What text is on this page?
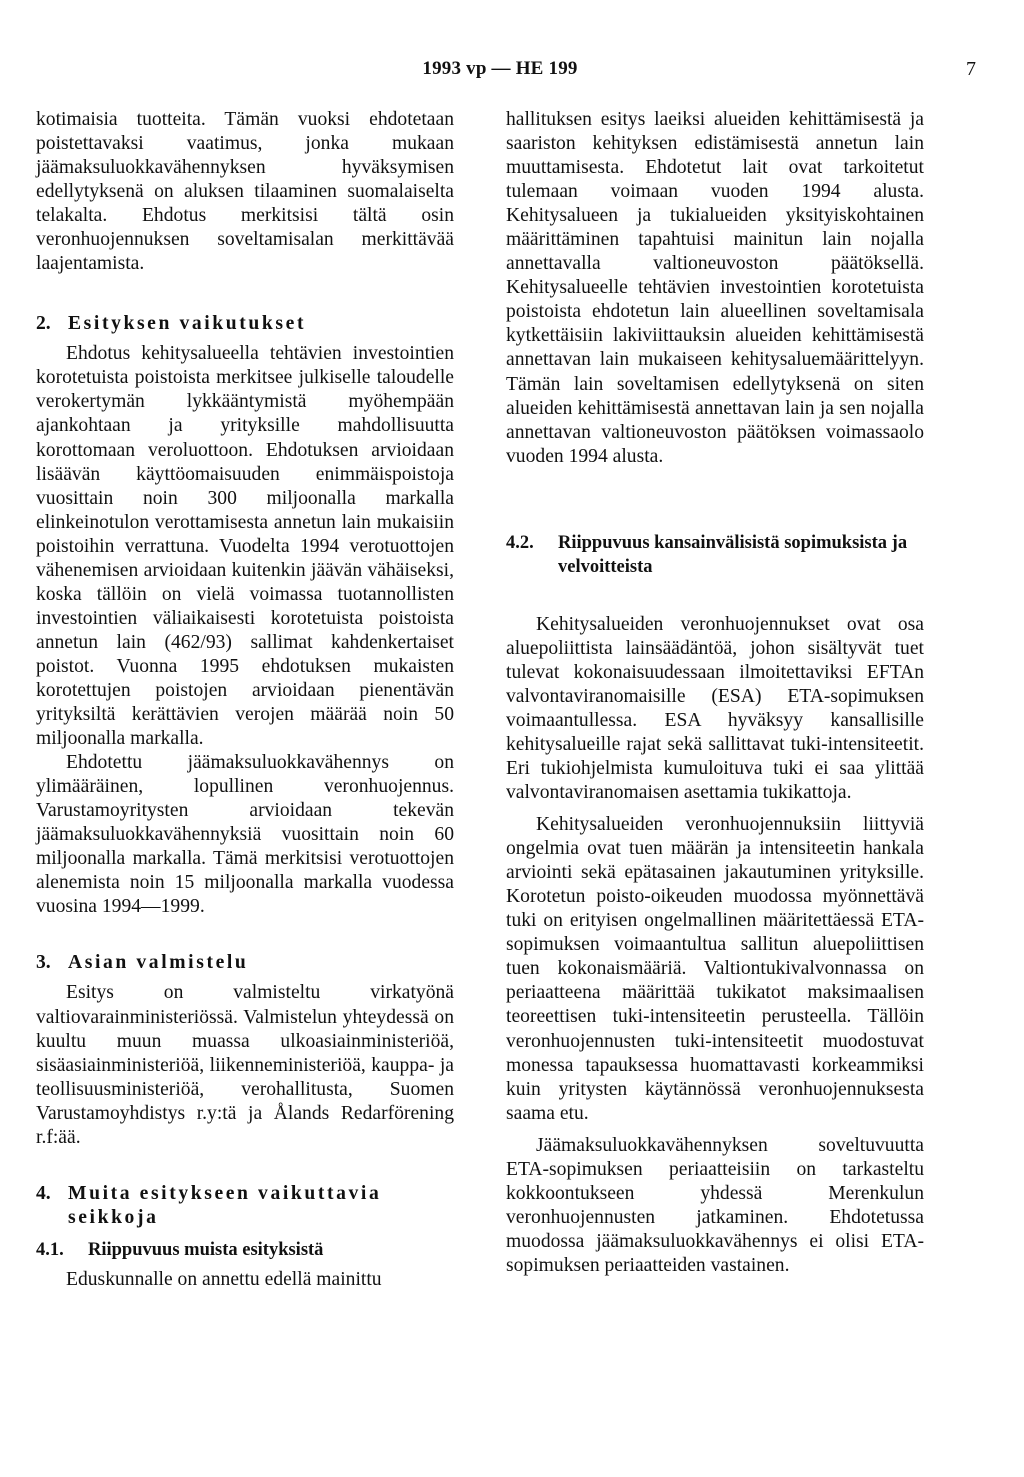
1993 vp — HE 199	7

kotimaisia tuotteita. Tämän vuoksi ehdotetaan poistettavaksi vaatimus, jonka mukaan jäämaksuluokkavähennyksen hyväksymisen edellytyksenä on aluksen tilaaminen suomalaiselta telakalta. Ehdotus merkitsisi tältä osin veronhuojennuksen soveltamisalan merkittävää laajentamista.

2. Esityksen vaikutukset

Ehdotus kehitysalueella tehtävien investointien korotetuista poistoista merkitsee julkiselle taloudelle verokertymän lykkääntymistä myöhempään ajankohtaan ja yrityksille mahdollisuutta korottomaan veroluottoon. Ehdotuksen arvioidaan lisäävän käyttöomaisuuden enimmäispoistoja vuosittain noin 300 miljoonalla markalla elinkeinotulon verottamisesta annetun lain mukaisiin poistoihin verrattuna. Vuodelta 1994 verotuottojen vähenemisen arvioidaan kuitenkin jäävän vähäiseksi, koska tällöin on vielä voimassa tuotannollisten investointien väliaikaisesti korotetuista poistoista annetun lain (462/93) sallimat kahdenkertaiset poistot. Vuonna 1995 ehdotuksen mukaisten korotettujen poistojen arvioidaan pienentävän yrityksiltä kerättävien verojen määrää noin 50 miljoonalla markalla.

Ehdotettu jäämaksuluokkavähennys on ylimääräinen, lopullinen veronhuojennus. Varustamoyritysten arvioidaan tekevän jäämaksuluokkavähennyksiä vuosittain noin 60 miljoonalla markalla. Tämä merkitsisi verotuottojen alenemista noin 15 miljoonalla markalla vuodessa vuosina 1994—1999.

3. Asian valmistelu

Esitys on valmisteltu virkatyönä valtiovarainministeriössä. Valmistelun yhteydessä on kuultu muun muassa ulkoasiainministeriöä, sisäasiainministeriöä, liikenneministeriöä, kauppa- ja teollisuusministeriöä, verohallitusta, Suomen Varustamoyhdistys r.y:tä ja Ålands Redarförening r.f:ää.

4. Muita esitykseen vaikuttavia seikkoja
4.1.	Riippuvuus muista esityksistä

Eduskunnalle on annettu edellä mainittu

hallituksen esitys laeiksi alueiden kehittämisestä ja saariston kehityksen edistämisestä annetun lain muuttamisesta. Ehdotetut lait ovat tarkoitetut tulemaan voimaan vuoden 1994 alusta. Kehitysalueen ja tukialueiden yksityiskohtainen määrittäminen tapahtuisi mainitun lain nojalla annettavalla valtioneuvoston päätöksellä. Kehitysalueelle tehtävien investointien korotetuista poistoista ehdotetun lain alueellinen soveltamisala kytkettäisiin lakiviittauksin alueiden kehittämisestä annettavan lain mukaiseen kehitysaluemäärittelyyn. Tämän lain soveltamisen edellytyksenä on siten alueiden kehittämisestä annettavan lain ja sen nojalla annettavan valtioneuvoston päätöksen voimassaolo vuoden 1994 alusta.

4.2.	Riippuvuus kansainvälisistä sopimuksista ja velvoitteista

Kehitysalueiden veronhuojennukset ovat osa aluepoliittista lainsäädäntöä, johon sisältyvät tuet tulevat kokonaisuudessaan ilmoitettaviksi EFTAn valvontaviranomaisille (ESA) ETA-sopimuksen voimaantullessa. ESA hyväksyy kansallisille kehitysalueille rajat sekä sallittavat tuki-intensiteetit. Eri tukiohjelmista kumuloituva tuki ei saa ylittää valvontaviranomaisen asettamia tukikattoja.

Kehitysalueiden veronhuojennuksiin liittyviä ongelmia ovat tuen määrän ja intensiteetin hankala arviointi sekä epätasainen jakautuminen yrityksille. Korotetun poisto-oikeuden muodossa myönnettävä tuki on erityisen ongelmallinen määritettäessä ETA-sopimuksen voimaantultua sallitun aluepoliittisen tuen kokonaismääriä. Valtiontukivalvonnassa on periaatteena määrittää tukikatot maksimaalisen teoreettisen tuki-intensiteetin perusteella. Tällöin veronhuojennusten tuki-intensiteetit muodostuvat monessa tapauksessa huomattavasti korkeammiksi kuin yritysten käytännössä veronhuojennuksesta saama etu.

Jäämaksuluokkavähennyksen soveltuvuutta ETA-sopimuksen periaatteisiin on tarkasteltu kokkoontukseen yhdessä Merenkulun veronhuojennusten jatkaminen. Ehdotetussa muodossa jäämaksuluokkavähennys ei olisi ETA-sopimuksen periaatteiden vastainen.
